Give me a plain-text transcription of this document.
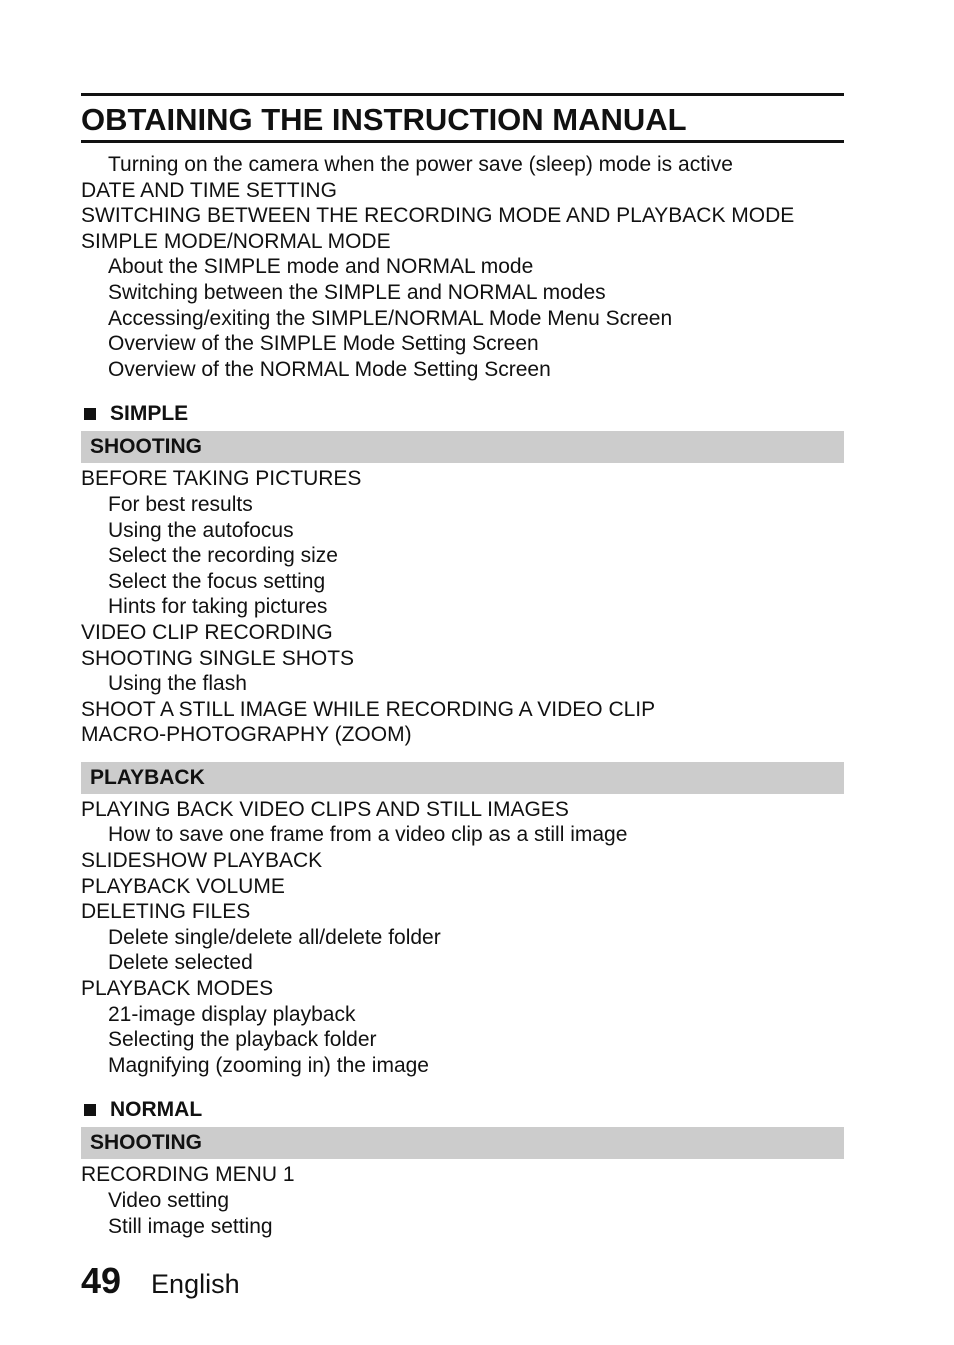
OBTAINING THE INSTRUCTION MANUAL
Turning on the camera when the power save (sleep) mode is active
DATE AND TIME SETTING
SWITCHING BETWEEN THE RECORDING MODE AND PLAYBACK MODE
SIMPLE MODE/NORMAL MODE
About the SIMPLE mode and NORMAL mode
Switching between the SIMPLE and NORMAL modes
Accessing/exiting the SIMPLE/NORMAL Mode Menu Screen
Overview of the SIMPLE Mode Setting Screen
Overview of the NORMAL Mode Setting Screen
SIMPLE
SHOOTING
BEFORE TAKING PICTURES
For best results
Using the autofocus
Select the recording size
Select the focus setting
Hints for taking pictures
VIDEO CLIP RECORDING
SHOOTING SINGLE SHOTS
Using the flash
SHOOT A STILL IMAGE WHILE RECORDING A VIDEO CLIP
MACRO-PHOTOGRAPHY (ZOOM)
PLAYBACK
PLAYING BACK VIDEO CLIPS AND STILL IMAGES
How to save one frame from a video clip as a still image
SLIDESHOW PLAYBACK
PLAYBACK VOLUME
DELETING FILES
Delete single/delete all/delete folder
Delete selected
PLAYBACK MODES
21-image display playback
Selecting the playback folder
Magnifying (zooming in) the image
NORMAL
SHOOTING
RECORDING MENU 1
Video setting
Still image setting
49 English
